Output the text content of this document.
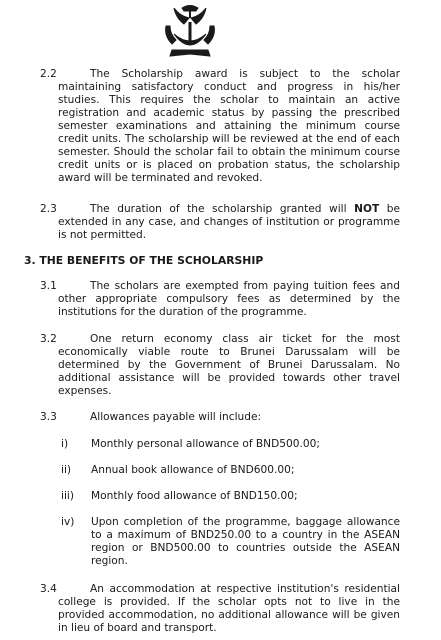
2.2	The Scholarship award is subject to the scholar maintaining satisfactory conduct and progress in his/her studies. This requires the scholar to maintain an active registration and academic status by passing the prescribed semester examinations and attaining the minimum course credit units. The scholarship will be reviewed at the end of each semester. Should the scholar fail to obtain the minimum course credit units or is placed on probation status, the scholarship award will be terminated and revoked.
2.3	The duration of the scholarship granted will NOT be extended in any case, and changes of institution or programme is not permitted.
3. THE BENEFITS OF THE SCHOLARSHIP
3.1	The scholars are exempted from paying tuition fees and other appropriate compulsory fees as determined by the institutions for the duration of the programme.
3.2	One return economy class air ticket for the most economically viable route to Brunei Darussalam will be determined by the Government of Brunei Darussalam. No additional assistance will be provided towards other travel expenses.
3.3	Allowances payable will include:
i) Monthly personal allowance of BND500.00;
ii) Annual book allowance of BND600.00;
iii) Monthly food allowance of BND150.00;
iv) Upon completion of the programme, baggage allowance to a maximum of BND250.00 to a country in the ASEAN region or BND500.00 to countries outside the ASEAN region.
3.4	An accommodation at respective institution's residential college is provided. If the scholar opts not to live in the provided accommodation, no additional allowance will be given in lieu of board and transport.
